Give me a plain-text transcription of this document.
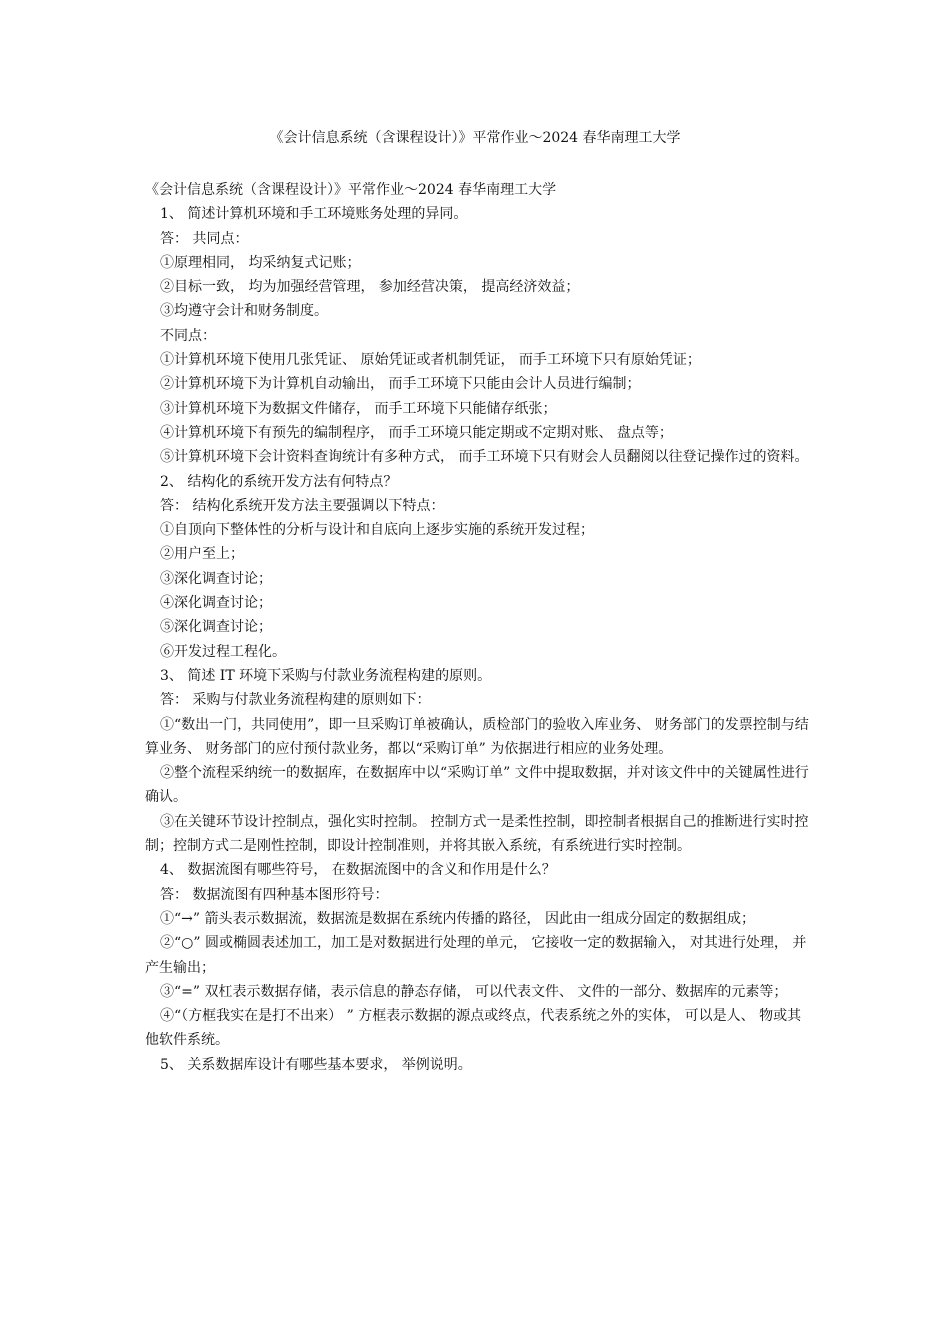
《会计信息系统（含课程设计）》平常作业～2024 春华南理工大学
《会计信息系统（含课程设计）》平常作业～2024 春华南理工大学
1、 简述计算机环境和手工环境账务处理的异同。
答： 共同点：
①原理相同， 均采纳复式记账；
②目标一致， 均为加强经营管理， 参加经营决策， 提高经济效益；
③均遵守会计和财务制度。
不同点：
①计算机环境下使用几张凭证、 原始凭证或者机制凭证， 而手工环境下只有原始凭证；
②计算机环境下为计算机自动输出， 而手工环境下只能由会计人员进行编制；
③计算机环境下为数据文件储存， 而手工环境下只能储存纸张；
④计算机环境下有预先的编制程序， 而手工环境只能定期或不定期对账、 盘点等；
⑤计算机环境下会计资料查询统计有多种方式， 而手工环境下只有财会人员翻阅以往登记操作过的资料。
2、 结构化的系统开发方法有何特点？
答： 结构化系统开发方法主要强调以下特点：
①自顶向下整体性的分析与设计和自底向上逐步实施的系统开发过程；
②用户至上；
③深化调查讨论；
④深化调查讨论；
⑤深化调查讨论；
⑥开发过程工程化。
3、 简述 IT 环境下采购与付款业务流程构建的原则。
答： 采购与付款业务流程构建的原则如下：
①“数出一门，共同使用”，即一旦采购订单被确认，质检部门的验收入库业务、 财务部门的发票控制与结算业务、 财务部门的应付预付款业务，都以“采购订单” 为依据进行相应的业务处理。
②整个流程采纳统一的数据库，在数据库中以“采购订单” 文件中提取数据，并对该文件中的关键属性进行确认。
③在关键环节设计控制点，强化实时控制。 控制方式一是柔性控制，即控制者根据自己的推断进行实时控制；控制方式二是刚性控制，即设计控制准则，并将其嵌入系统，有系统进行实时控制。
4、 数据流图有哪些符号， 在数据流图中的含义和作用是什么？
答： 数据流图有四种基本图形符号：
①“→” 箭头表示数据流，数据流是数据在系统内传播的路径， 因此由一组成分固定的数据组成；
②“○” 圆或椭圆表述加工，加工是对数据进行处理的单元， 它接收一定的数据输入， 对其进行处理， 并产生输出；
③“=” 双杠表示数据存储，表示信息的静态存储， 可以代表文件、 文件的一部分、数据库的元素等；
④“（方框我实在是打不出来） ” 方框表示数据的源点或终点，代表系统之外的实体， 可以是人、 物或其他软件系统。
5、 关系数据库设计有哪些基本要求， 举例说明。
